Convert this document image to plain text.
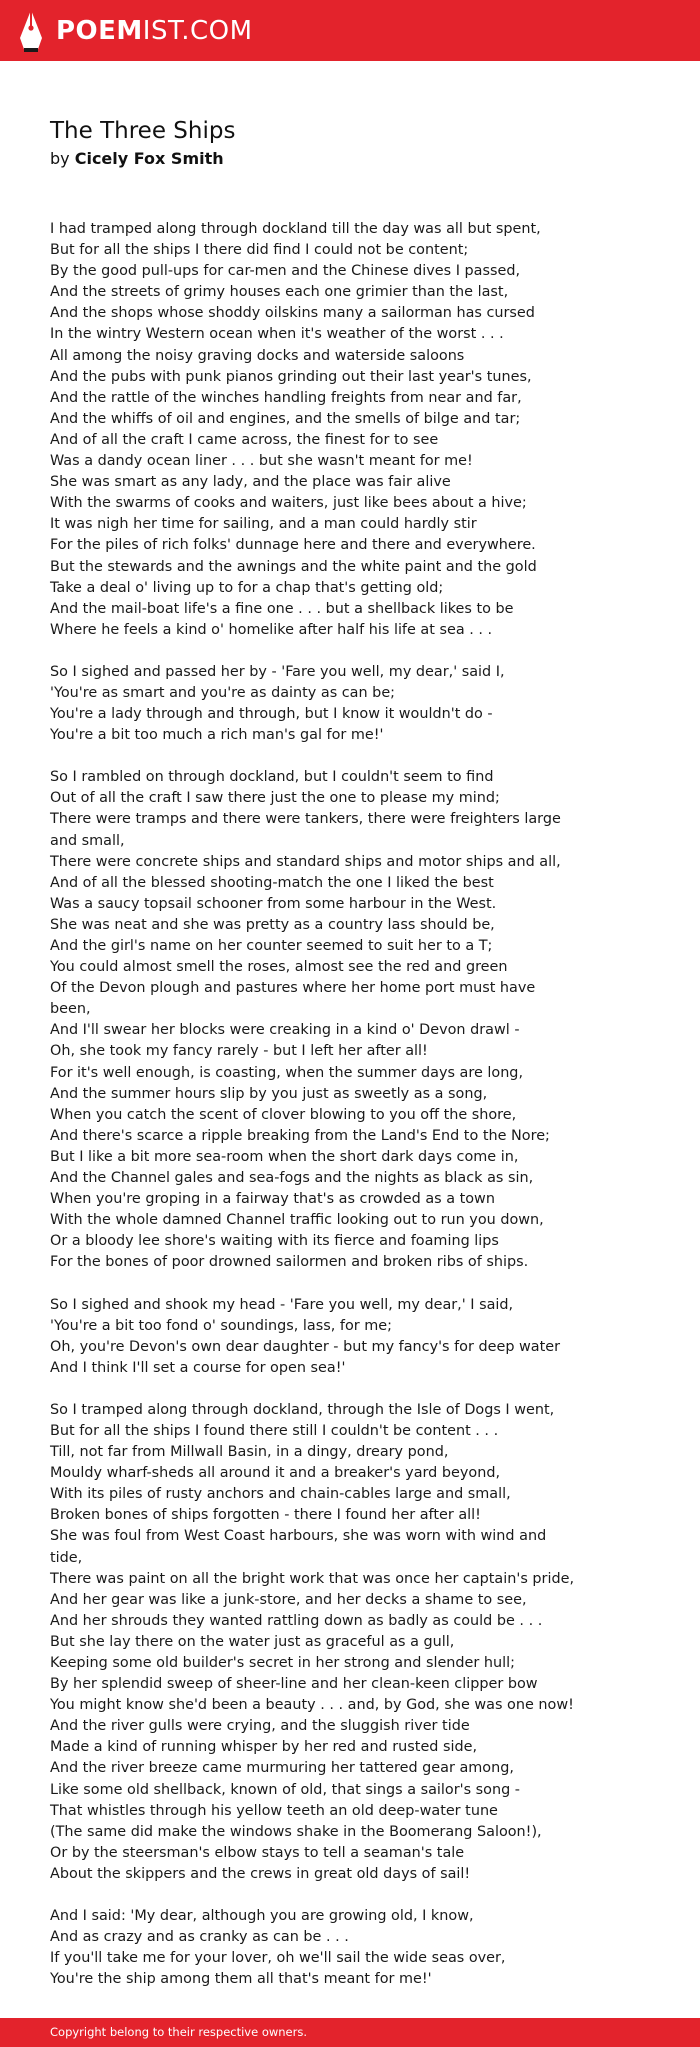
POEMIST.COM
The Three Ships
by Cicely Fox Smith
I had tramped along through dockland till the day was all but spent,
But for all the ships I there did find I could not be content;
By the good pull-ups for car-men and the Chinese dives I passed,
And the streets of grimy houses each one grimier than the last,
And the shops whose shoddy oilskins many a sailorman has cursed
In the wintry Western ocean when it's weather of the worst . . .
All among the noisy graving docks and waterside saloons
And the pubs with punk pianos grinding out their last year's tunes,
And the rattle of the winches handling freights from near and far,
And the whiffs of oil and engines, and the smells of bilge and tar;
And of all the craft I came across, the finest for to see
Was a dandy ocean liner . . . but she wasn't meant for me!
She was smart as any lady, and the place was fair alive
With the swarms of cooks and waiters, just like bees about a hive;
It was nigh her time for sailing, and a man could hardly stir
For the piles of rich folks' dunnage here and there and everywhere.
But the stewards and the awnings and the white paint and the gold
Take a deal o' living up to for a chap that's getting old;
And the mail-boat life's a fine one . . . but a shellback likes to be
Where he feels a kind o' homelike after half his life at sea . . .
So I sighed and passed her by - 'Fare you well, my dear,' said I,
'You're as smart and you're as dainty as can be;
You're a lady through and through, but I know it wouldn't do -
You're a bit too much a rich man's gal for me!'
So I rambled on through dockland, but I couldn't seem to find
Out of all the craft I saw there just the one to please my mind;
There were tramps and there were tankers, there were freighters large and small,
There were concrete ships and standard ships and motor ships and all,
And of all the blessed shooting-match the one I liked the best
Was a saucy topsail schooner from some harbour in the West.
She was neat and she was pretty as a country lass should be,
And the girl's name on her counter seemed to suit her to a T;
You could almost smell the roses, almost see the red and green
Of the Devon plough and pastures where her home port must have been,
And I'll swear her blocks were creaking in a kind o' Devon drawl -
Oh, she took my fancy rarely - but I left her after all!
For it's well enough, is coasting, when the summer days are long,
And the summer hours slip by you just as sweetly as a song,
When you catch the scent of clover blowing to you off the shore,
And there's scarce a ripple breaking from the Land's End to the Nore;
But I like a bit more sea-room when the short dark days come in,
And the Channel gales and sea-fogs and the nights as black as sin,
When you're groping in a fairway that's as crowded as a town
With the whole damned Channel traffic looking out to run you down,
Or a bloody lee shore's waiting with its fierce and foaming lips
For the bones of poor drowned sailormen and broken ribs of ships.
So I sighed and shook my head - 'Fare you well, my dear,' I said,
'You're a bit too fond o' soundings, lass, for me;
Oh, you're Devon's own dear daughter - but my fancy's for deep water
And I think I'll set a course for open sea!'
So I tramped along through dockland, through the Isle of Dogs I went,
But for all the ships I found there still I couldn't be content . . .
Till, not far from Millwall Basin, in a dingy, dreary pond,
Mouldy wharf-sheds all around it and a breaker's yard beyond,
With its piles of rusty anchors and chain-cables large and small,
Broken bones of ships forgotten - there I found her after all!
She was foul from West Coast harbours, she was worn with wind and tide,
There was paint on all the bright work that was once her captain's pride,
And her gear was like a junk-store, and her decks a shame to see,
And her shrouds they wanted rattling down as badly as could be . . .
But she lay there on the water just as graceful as a gull,
Keeping some old builder's secret in her strong and slender hull;
By her splendid sweep of sheer-line and her clean-keen clipper bow
You might know she'd been a beauty . . . and, by God, she was one now!
And the river gulls were crying, and the sluggish river tide
Made a kind of running whisper by her red and rusted side,
And the river breeze came murmuring her tattered gear among,
Like some old shellback, known of old, that sings a sailor's song -
That whistles through his yellow teeth an old deep-water tune
(The same did make the windows shake in the Boomerang Saloon!),
Or by the steersman's elbow stays to tell a seaman's tale
About the skippers and the crews in great old days of sail!
And I said: 'My dear, although you are growing old, I know,
And as crazy and as cranky as can be . . .
If you'll take me for your lover, oh we'll sail the wide seas over,
You're the ship among them all that's meant for me!'
Copyright belong to their respective owners.
